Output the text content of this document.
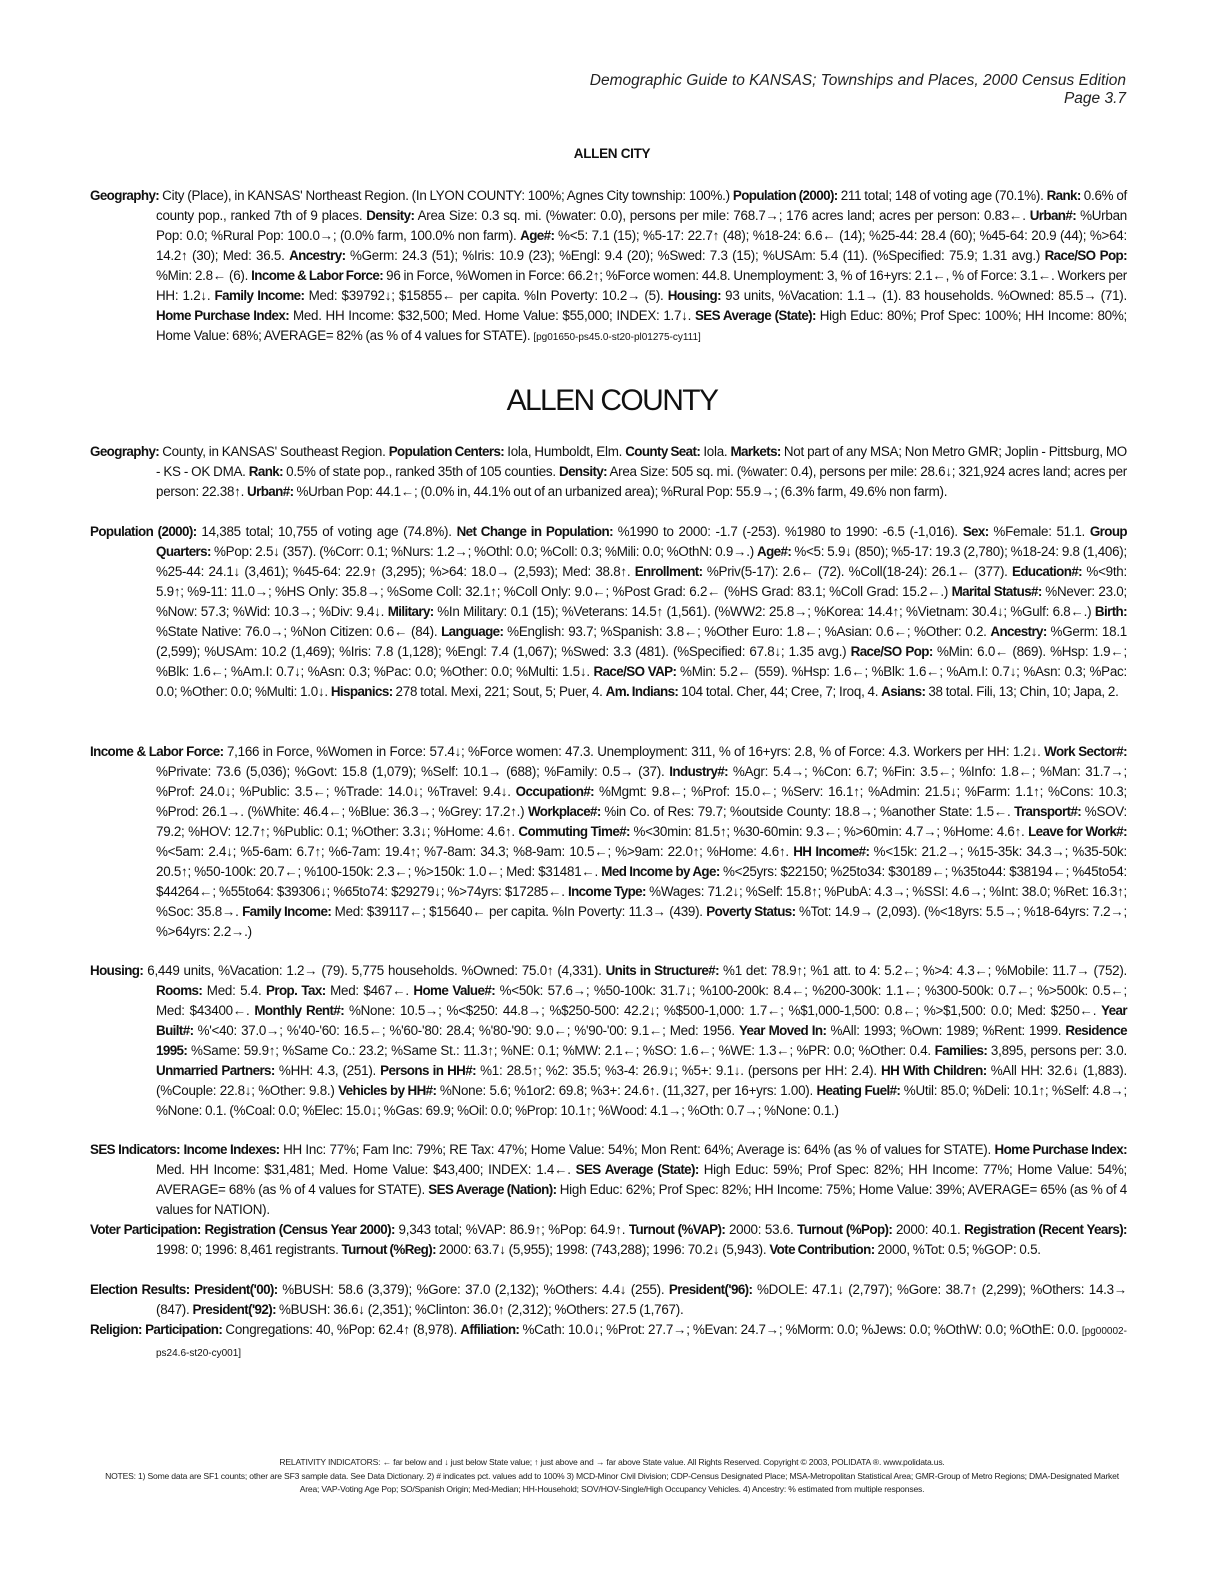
Demographic Guide to KANSAS; Townships and Places, 2000 Census Edition
Page 3.7
ALLEN CITY
Geography: City (Place), in KANSAS' Northeast Region. (In LYON COUNTY: 100%; Agnes City township: 100%.) Population (2000): 211 total; 148 of voting age (70.1%). Rank: 0.6% of county pop., ranked 7th of 9 places. Density: Area Size: 0.3 sq. mi. (%water: 0.0), persons per mile: 768.7→; 176 acres land; acres per person: 0.83←. Urban#: %Urban Pop: 0.0; %Rural Pop: 100.0→; (0.0% farm, 100.0% non farm). Age#: %<5: 7.1 (15); %5-17: 22.7↑ (48); %18-24: 6.6← (14); %25-44: 28.4 (60); %45-64: 20.9 (44); %>64: 14.2↑ (30); Med: 36.5. Ancestry: %Germ: 24.3 (51); %Iris: 10.9 (23); %Engl: 9.4 (20); %Swed: 7.3 (15); %USAm: 5.4 (11). (%Specified: 75.9; 1.31 avg.) Race/SO Pop: %Min: 2.8← (6). Income & Labor Force: 96 in Force, %Women in Force: 66.2↑; %Force women: 44.8. Unemployment: 3, % of 16+yrs: 2.1←, % of Force: 3.1←. Workers per HH: 1.2↓. Family Income: Med: $39792↓; $15855← per capita. %In Poverty: 10.2→ (5). Housing: 93 units, %Vacation: 1.1→ (1). 83 households. %Owned: 85.5→ (71). Home Purchase Index: Med. HH Income: $32,500; Med. Home Value: $55,000; INDEX: 1.7↓. SES Average (State): High Educ: 80%; Prof Spec: 100%; HH Income: 80%; Home Value: 68%; AVERAGE= 82% (as % of 4 values for STATE). [pg01650-ps45.0-st20-pl01275-cy111]
ALLEN COUNTY
Geography: County, in KANSAS' Southeast Region. Population Centers: Iola, Humboldt, Elm. County Seat: Iola. Markets: Not part of any MSA; Non Metro GMR; Joplin - Pittsburg, MO - KS - OK DMA. Rank: 0.5% of state pop., ranked 35th of 105 counties. Density: Area Size: 505 sq. mi. (%water: 0.4), persons per mile: 28.6↓; 321,924 acres land; acres per person: 22.38↑. Urban#: %Urban Pop: 44.1←; (0.0% in, 44.1% out of an urbanized area); %Rural Pop: 55.9→; (6.3% farm, 49.6% non farm).
Population (2000): 14,385 total; 10,755 of voting age (74.8%). Net Change in Population: %1990 to 2000: -1.7 (-253). %1980 to 1990: -6.5 (-1,016). Sex: %Female: 51.1. Group Quarters: %Pop: 2.5↓ (357). (%Corr: 0.1; %Nurs: 1.2→; %Othl: 0.0; %Coll: 0.3; %Mili: 0.0; %OthN: 0.9→.) Age#: %<5: 5.9↓ (850); %5-17: 19.3 (2,780); %18-24: 9.8 (1,406); %25-44: 24.1↓ (3,461); %45-64: 22.9↑ (3,295); %>64: 18.0→ (2,593); Med: 38.8↑. Enrollment: %Priv(5-17): 2.6← (72). %Coll(18-24): 26.1← (377). Education#: %<9th: 5.9↑; %9-11: 11.0→; %HS Only: 35.8→; %Some Coll: 32.1↑; %Coll Only: 9.0←; %Post Grad: 6.2← (%HS Grad: 83.1; %Coll Grad: 15.2←.) Marital Status#: %Never: 23.0; %Now: 57.3; %Wid: 10.3→; %Div: 9.4↓. Military: %In Military: 0.1 (15); %Veterans: 14.5↑ (1,561). (%WW2: 25.8→; %Korea: 14.4↑; %Vietnam: 30.4↓; %Gulf: 6.8←.) Birth: %State Native: 76.0→; %Non Citizen: 0.6← (84). Language: %English: 93.7; %Spanish: 3.8←; %Other Euro: 1.8←; %Asian: 0.6←; %Other: 0.2. Ancestry: %Germ: 18.1 (2,599); %USAm: 10.2 (1,469); %Iris: 7.8 (1,128); %Engl: 7.4 (1,067); %Swed: 3.3 (481). (%Specified: 67.8↓; 1.35 avg.) Race/SO Pop: %Min: 6.0← (869). %Hsp: 1.9←; %Blk: 1.6←; %Am.I: 0.7↓; %Asn: 0.3; %Pac: 0.0; %Other: 0.0; %Multi: 1.5↓. Race/SO VAP: %Min: 5.2← (559). %Hsp: 1.6←; %Blk: 1.6←; %Am.I: 0.7↓; %Asn: 0.3; %Pac: 0.0; %Other: 0.0; %Multi: 1.0↓. Hispanics: 278 total. Mexi, 221; Sout, 5; Puer, 4. Am. Indians: 104 total. Cher, 44; Cree, 7; Iroq, 4. Asians: 38 total. Fili, 13; Chin, 10; Japa, 2.
Income & Labor Force: 7,166 in Force, %Women in Force: 57.4↓; %Force women: 47.3. Unemployment: 311, % of 16+yrs: 2.8, % of Force: 4.3. Workers per HH: 1.2↓. Work Sector#: %Private: 73.6 (5,036); %Govt: 15.8 (1,079); %Self: 10.1→ (688); %Family: 0.5→ (37). Industry#: %Agr: 5.4→; %Con: 6.7; %Fin: 3.5←; %Info: 1.8←; %Man: 31.7→; %Prof: 24.0↓; %Public: 3.5←; %Trade: 14.0↓; %Travel: 9.4↓. Occupation#: %Mgmt: 9.8←; %Prof: 15.0←; %Serv: 16.1↑; %Admin: 21.5↓; %Farm: 1.1↑; %Cons: 10.3; %Prod: 26.1→. (%White: 46.4←; %Blue: 36.3→; %Grey: 17.2↑.) Workplace#: %in Co. of Res: 79.7; %outside County: 18.8→; %another State: 1.5←. Transport#: %SOV: 79.2; %HOV: 12.7↑; %Public: 0.1; %Other: 3.3↓; %Home: 4.6↑. Commuting Time#: %<30min: 81.5↑; %30-60min: 9.3←; %>60min: 4.7→; %Home: 4.6↑. Leave for Work#: %<5am: 2.4↓; %5-6am: 6.7↑; %6-7am: 19.4↑; %7-8am: 34.3; %8-9am: 10.5←; %>9am: 22.0↑; %Home: 4.6↑. HH Income#: %<15k: 21.2→; %15-35k: 34.3→; %35-50k: 20.5↑; %50-100k: 20.7←; %100-150k: 2.3←; %>150k: 1.0←; Med: $31481←. Med Income by Age: %<25yrs: $22150; %25to34: $30189←; %35to44: $38194←; %45to54: $44264←; %55to64: $39306↓; %65to74: $29279↓; %>74yrs: $17285←. Income Type: %Wages: 71.2↓; %Self: 15.8↑; %PubA: 4.3→; %SSI: 4.6→; %Int: 38.0; %Ret: 16.3↑; %Soc: 35.8→. Family Income: Med: $39117←; $15640← per capita. %In Poverty: 11.3→ (439). Poverty Status: %Tot: 14.9→ (2,093). (%<18yrs: 5.5→; %18-64yrs: 7.2→; %>64yrs: 2.2→.)
Housing: 6,449 units, %Vacation: 1.2→ (79). 5,775 households. %Owned: 75.0↑ (4,331). Units in Structure#: %1 det: 78.9↑; %1 att. to 4: 5.2←; %>4: 4.3←; %Mobile: 11.7→ (752). Rooms: Med: 5.4. Prop. Tax: Med: $467←. Home Value#: %<50k: 57.6→; %50-100k: 31.7↓; %100-200k: 8.4←; %200-300k: 1.1←; %300-500k: 0.7←; %>500k: 0.5←; Med: $43400←. Monthly Rent#: %None: 10.5→; %<$250: 44.8→; %$250-500: 42.2↓; %$500-1,000: 1.7←; %$1,000-1,500: 0.8←; %>$1,500: 0.0; Med: $250←. Year Built#: %'<40: 37.0→; %'40-'60: 16.5←; %'60-'80: 28.4; %'80-'90: 9.0←; %'90-'00: 9.1←; Med: 1956. Year Moved In: %All: 1993; %Own: 1989; %Rent: 1999. Residence 1995: %Same: 59.9↑; %Same Co.: 23.2; %Same St.: 11.3↑; %NE: 0.1; %MW: 2.1←; %SO: 1.6←; %WE: 1.3←; %PR: 0.0; %Other: 0.4. Families: 3,895, persons per: 3.0. Unmarried Partners: %HH: 4.3, (251). Persons in HH#: %1: 28.5↑; %2: 35.5; %3-4: 26.9↓; %5+: 9.1↓. (persons per HH: 2.4). HH With Children: %All HH: 32.6↓ (1,883). (%Couple: 22.8↓; %Other: 9.8.) Vehicles by HH#: %None: 5.6; %1or2: 69.8; %3+: 24.6↑. (11,327, per 16+yrs: 1.00). Heating Fuel#: %Util: 85.0; %Deli: 10.1↑; %Self: 4.8→; %None: 0.1. (%Coal: 0.0; %Elec: 15.0↓; %Gas: 69.9; %Oil: 0.0; %Prop: 10.1↑; %Wood: 4.1→; %Oth: 0.7→; %None: 0.1.)
SES Indicators: Income Indexes: HH Inc: 77%; Fam Inc: 79%; RE Tax: 47%; Home Value: 54%; Mon Rent: 64%; Average is: 64% (as % of values for STATE). Home Purchase Index: Med. HH Income: $31,481; Med. Home Value: $43,400; INDEX: 1.4←. SES Average (State): High Educ: 59%; Prof Spec: 82%; HH Income: 77%; Home Value: 54%; AVERAGE= 68% (as % of 4 values for STATE). SES Average (Nation): High Educ: 62%; Prof Spec: 82%; HH Income: 75%; Home Value: 39%; AVERAGE= 65% (as % of 4 values for NATION).
Voter Participation: Registration (Census Year 2000): 9,343 total; %VAP: 86.9↑; %Pop: 64.9↑. Turnout (%VAP): 2000: 53.6. Turnout (%Pop): 2000: 40.1. Registration (Recent Years): 1998: 0; 1996: 8,461 registrants. Turnout (%Reg): 2000: 63.7↓ (5,955); 1998: (743,288); 1996: 70.2↓ (5,943). Vote Contribution: 2000, %Tot: 0.5; %GOP: 0.5.
Election Results: President('00): %BUSH: 58.6 (3,379); %Gore: 37.0 (2,132); %Others: 4.4↓ (255). President('96): %DOLE: 47.1↓ (2,797); %Gore: 38.7↑ (2,299); %Others: 14.3→ (847). President('92): %BUSH: 36.6↓ (2,351); %Clinton: 36.0↑ (2,312); %Others: 27.5 (1,767).
Religion: Participation: Congregations: 40, %Pop: 62.4↑ (8,978). Affiliation: %Cath: 10.0↓; %Prot: 27.7→; %Evan: 24.7→; %Morm: 0.0; %Jews: 0.0; %OthW: 0.0; %OthE: 0.0. [pg00002-ps24.6-st20-cy001]
RELATIVITY INDICATORS: ← far below and ↓ just below State value; ↑ just above and → far above State value. All Rights Reserved. Copyright © 2003, POLIDATA ®. www.polidata.us.
NOTES: 1) Some data are SF1 counts; other are SF3 sample data. See Data Dictionary. 2) # indicates pct. values add to 100% 3) MCD-Minor Civil Division; CDP-Census Designated Place; MSA-Metropolitan Statistical Area; GMR-Group of Metro Regions; DMA-Designated Market Area; VAP-Voting Age Pop; SO/Spanish Origin; Med-Median; HH-Household; SOV/HOV-Single/High Occupancy Vehicles. 4) Ancestry: % estimated from multiple responses.
